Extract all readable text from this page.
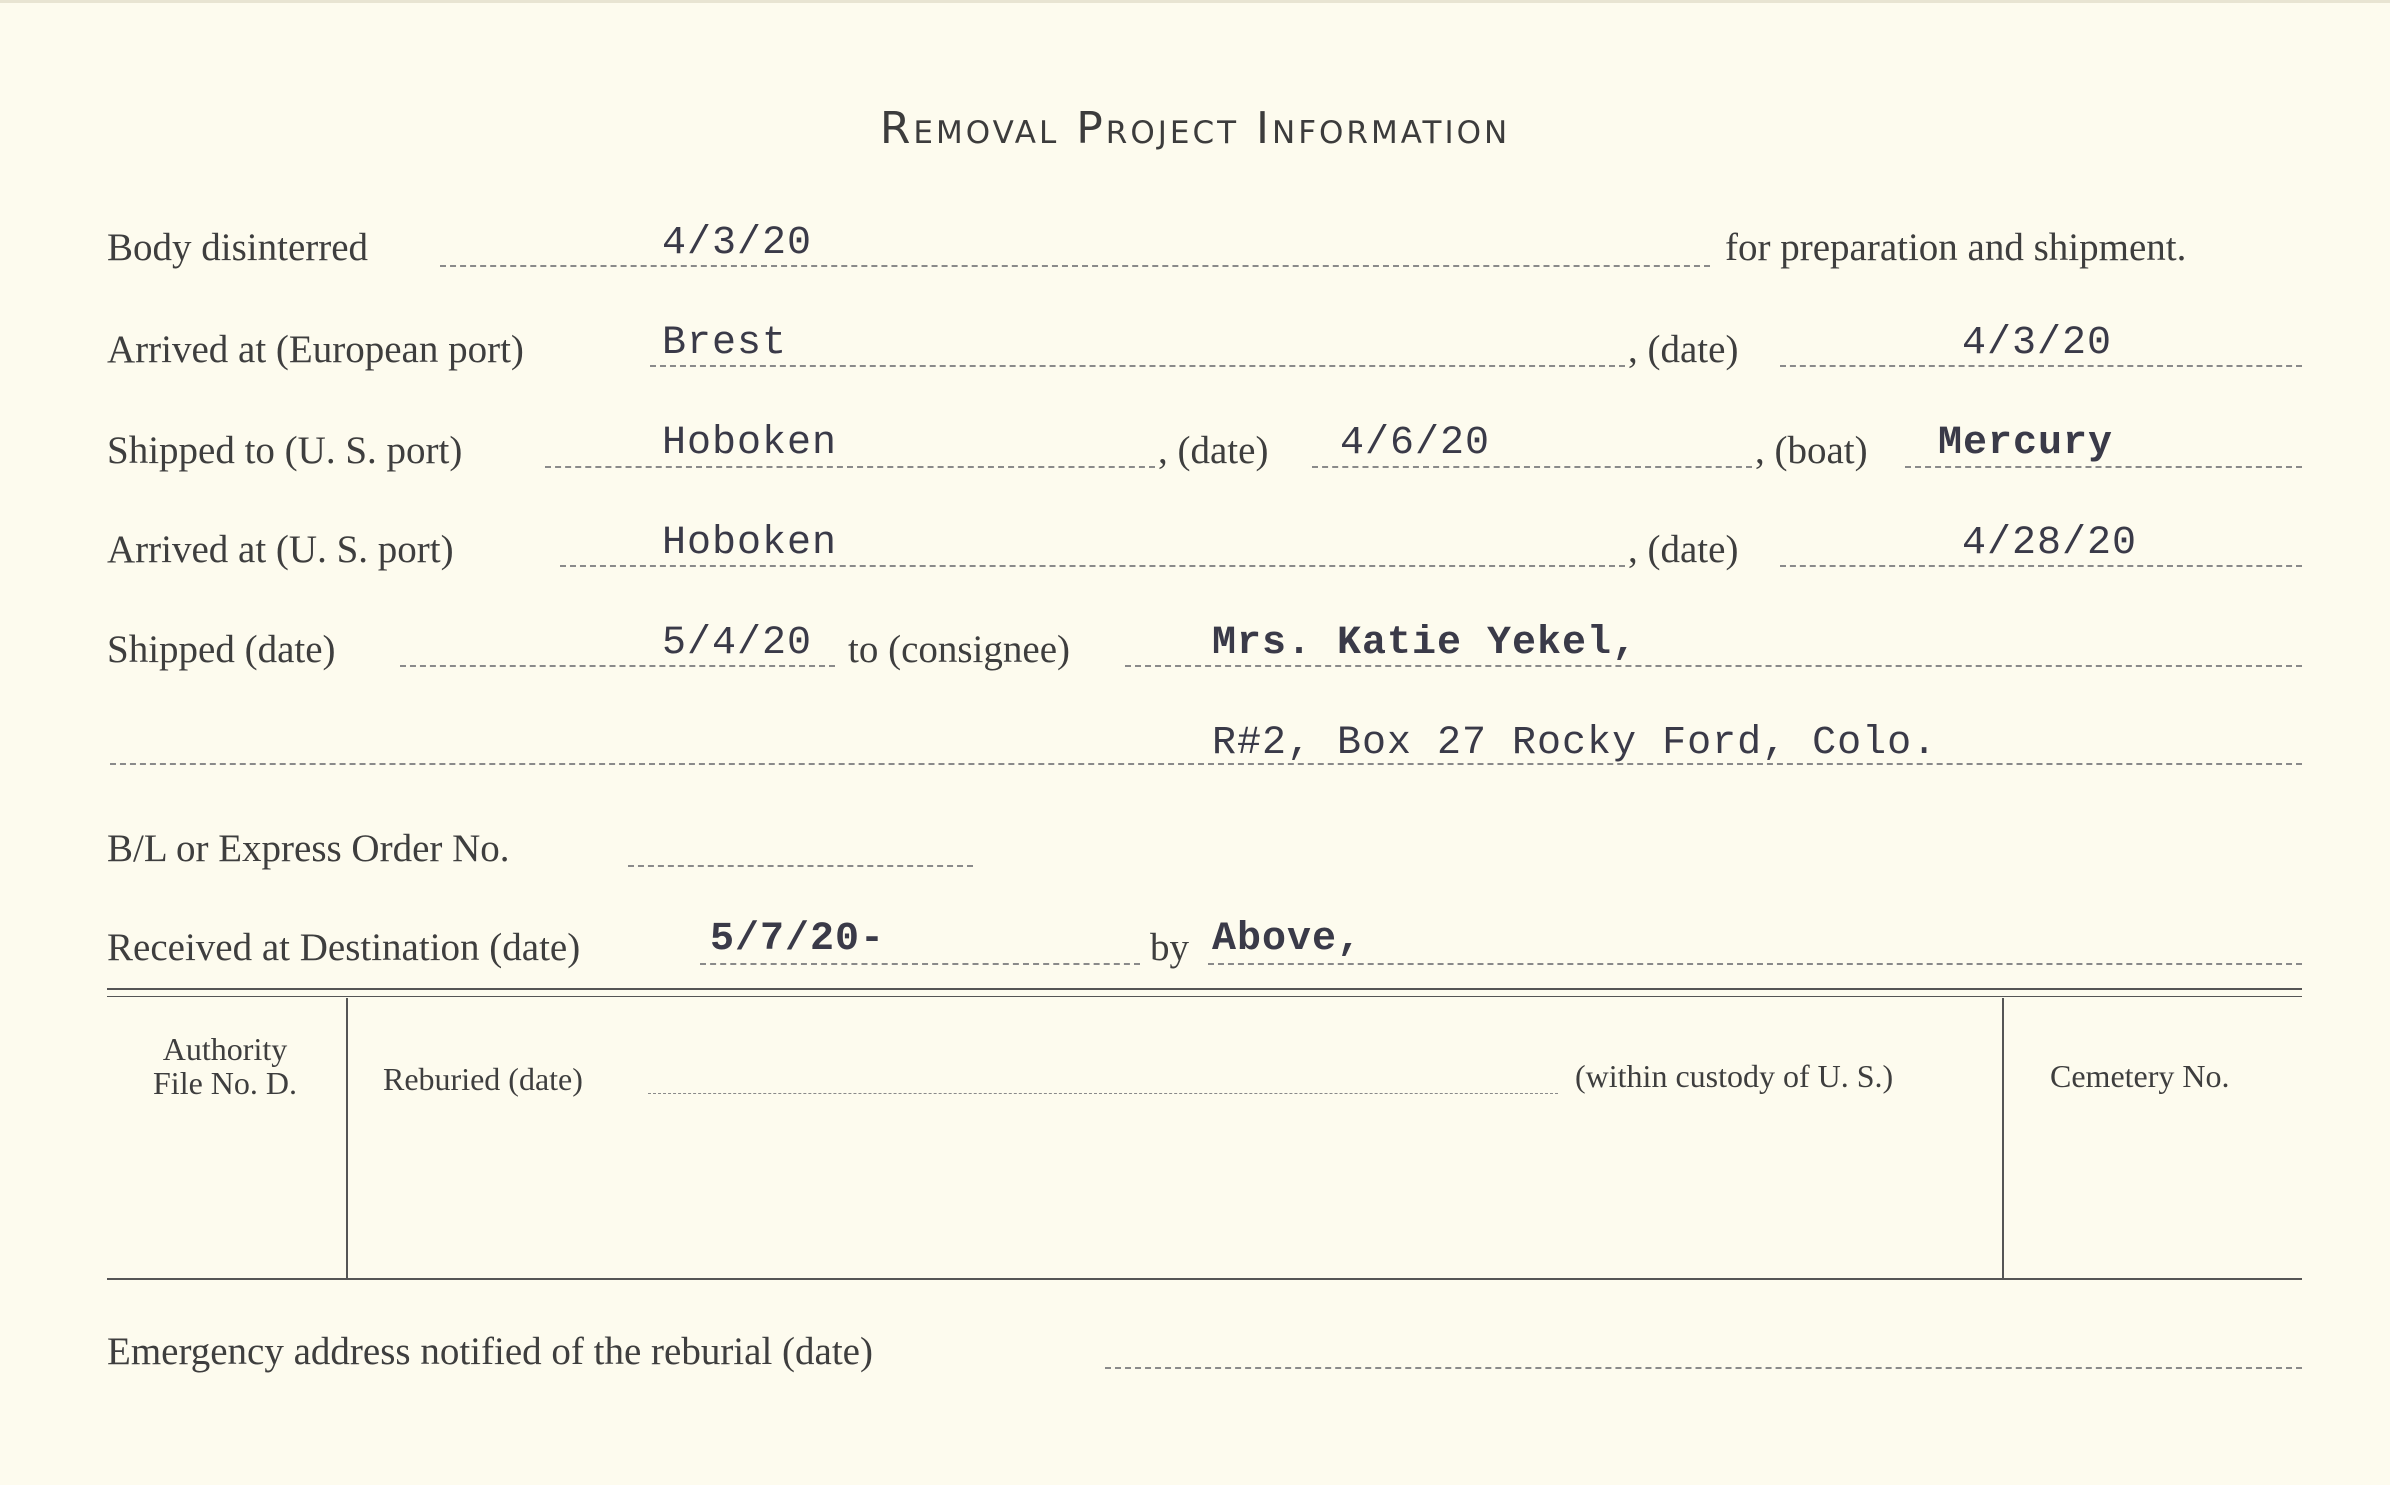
Removal Project Information
Body disinterred	4/3/20	for preparation and shipment.
Arrived at (European port)	Brest	, (date)	4/3/20
Shipped to (U. S. port)	Hoboken	, (date) 4/6/20	, (boat) Mercury
Arrived at (U. S. port)	Hoboken	, (date)	4/28/20
Shipped (date)	5/4/20 to (consignee)	Mrs. Katie Yekel,
R#2, Box 27 Rocky Ford, Colo.
B/L or Express Order No.
Received at Destination (date)	5/7/20-	by Above,
Authority
File No. D.	Reburied (date)	(within custody of U. S.)	Cemetery No.
Emergency address notified of the reburial (date)
